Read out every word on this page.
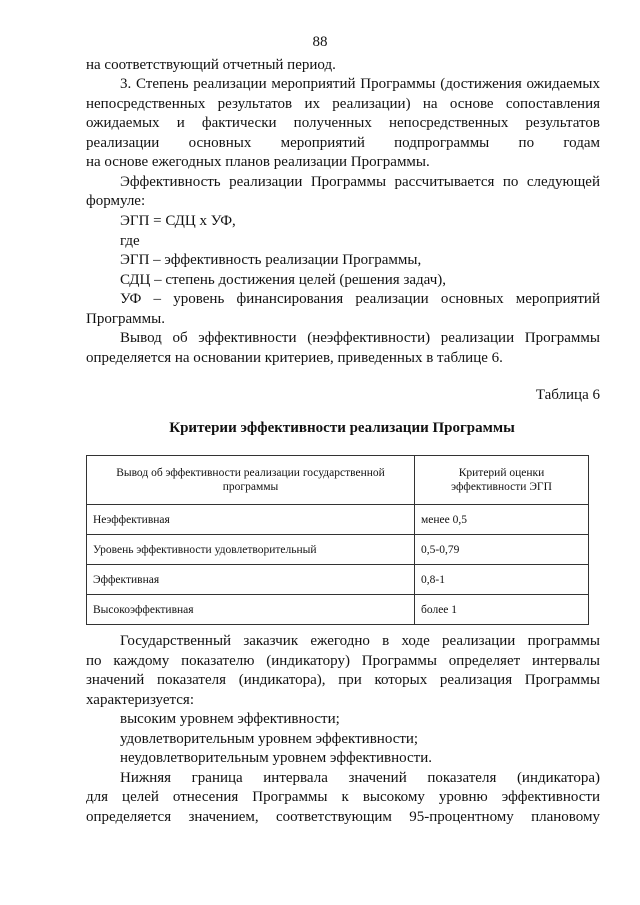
88
на соответствующий отчетный период.
3. Степень реализации мероприятий Программы (достижения ожидаемых
непосредственных результатов их реализации) на основе сопоставления
ожидаемых и фактически полученных непосредственных результатов
реализации основных мероприятий подпрограммы по годам
на основе ежегодных планов реализации Программы.
Эффективность реализации Программы рассчитывается по следующей
формуле:
ЭГП = СДЦ х УФ,
где
ЭГП – эффективность реализации Программы,
СДЦ – степень достижения целей (решения задач),
УФ – уровень финансирования реализации основных мероприятий
Программы.
Вывод об эффективности (неэффективности) реализации Программы
определяется на основании критериев, приведенных в таблице 6.
Таблица 6
Критерии эффективности реализации Программы
Вывод об эффективности реализации государственной программы	Критерий оценки эффективности ЭГП
Неэффективная	менее 0,5
Уровень эффективности удовлетворительный	0,5-0,79
Эффективная	0,8-1
Высокоэффективная	более 1
Государственный заказчик ежегодно в ходе реализации программы
по каждому показателю (индикатору) Программы определяет интервалы
значений показателя (индикатора), при которых реализация Программы
характеризуется:
высоким уровнем эффективности;
удовлетворительным уровнем эффективности;
неудовлетворительным уровнем эффективности.
Нижняя граница интервала значений показателя (индикатора)
для целей отнесения Программы к высокому уровню эффективности
определяется значением, соответствующим 95-процентному плановому
